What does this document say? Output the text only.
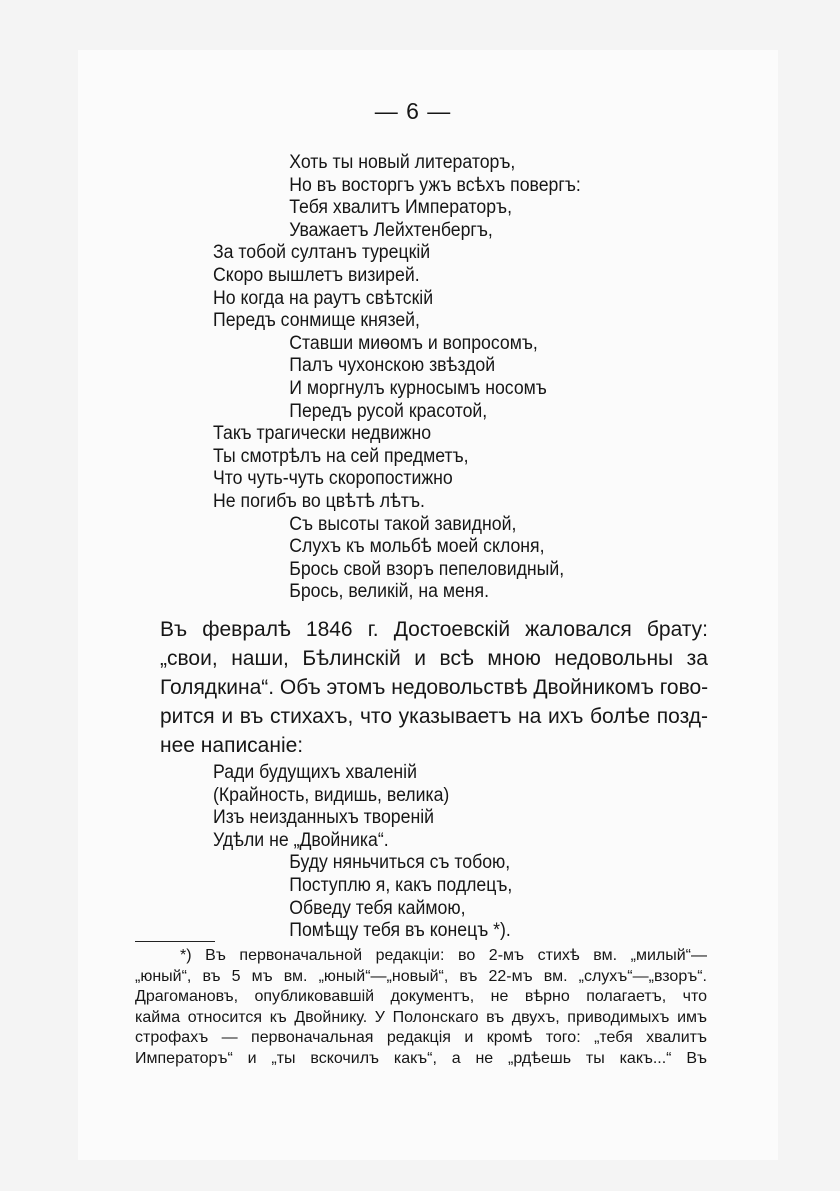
— 6 —
Хоть ты новый литераторъ,
Но въ восторгъ ужъ всѣхъ повергъ:
Тебя хвалитъ Императоръ,
Уважаетъ Лейхтенбергъ,
За тобой султанъ турецкій
Скоро вышлетъ визирей.
Но когда на раутъ свѣтскій
Передъ сонмище князей,
Ставши миѳомъ и вопросомъ,
Палъ чухонскою звѣздой
И моргнулъ курносымъ носомъ
Передъ русой красотой,
Такъ трагически недвижно
Ты смотрѣлъ на сей предметъ,
Что чуть-чуть скоропостижно
Не погибъ во цвѣтѣ лѣтъ.
Съ высоты такой завидной,
Слухъ къ мольбѣ моей склоня,
Брось свой взоръ пепеловидный,
Брось, великій, на меня.
Въ февралѣ 1846 г. Достоевскій жаловался брату:
„свои, наши, Бѣлинскій и всѣ мною недовольны за
Голядкина“. Объ этомъ недовольствѣ Двойникомъ гово-
рится и въ стихахъ, что указываетъ на ихъ болѣе позд-
нее написаніе:
Ради будущихъ хваленій
(Крайность, видишь, велика)
Изъ неизданныхъ твореній
Удѣли не „Двойника“.
Буду няньчиться съ тобою,
Поступлю я, какъ подлецъ,
Обведу тебя каймою,
Помѣщу тебя въ конецъ *).
*) Въ первоначальной редакціи: во 2-мъ стихѣ вм. „милый“—
„юный“, въ 5 мъ вм. „юный“—„новый“, въ 22-мъ вм. „слухъ“—„взоръ“.
Драгомановъ, опубликовавшій документъ, не вѣрно полагаетъ, что
кайма относится къ Двойнику. У Полонскаго въ двухъ, приводимыхъ имъ
строфахъ — первоначальная редакція и кромѣ того: „тебя хвалитъ
Императоръ“ и „ты вскочилъ какъ“, а не „рдѣешь ты какъ...“ Въ
